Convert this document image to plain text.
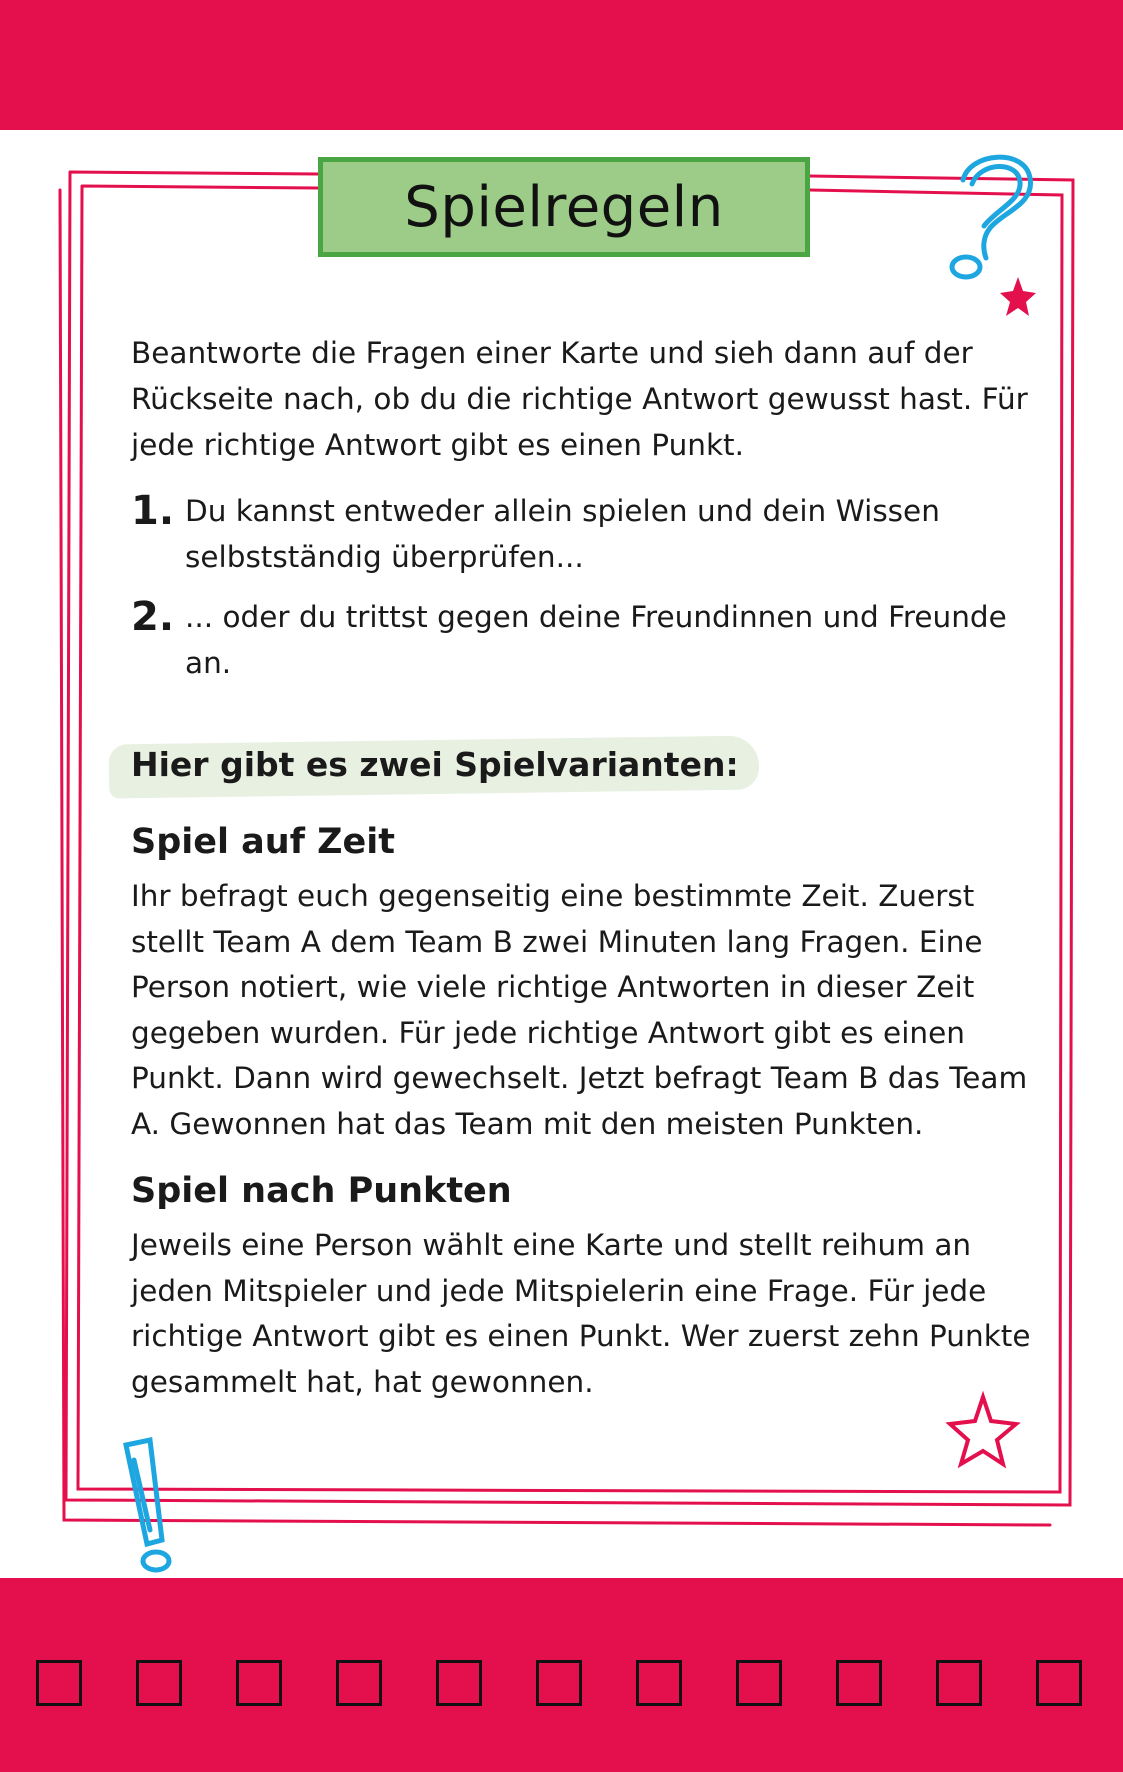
Spielregeln

Beantworte die Fragen einer Karte und sieh dann auf der Rückseite nach, ob du die richtige Antwort gewusst hast. Für jede richtige Antwort gibt es einen Punkt.

1. Du kannst entweder allein spielen und dein Wissen selbstständig überprüfen...
2. ... oder du trittst gegen deine Freundinnen und Freunde an.

Hier gibt es zwei Spielvarianten:

Spiel auf Zeit

Ihr befragt euch gegenseitig eine bestimmte Zeit. Zuerst stellt Team A dem Team B zwei Minuten lang Fragen. Eine Person notiert, wie viele richtige Antworten in dieser Zeit gegeben wurden. Für jede richtige Antwort gibt es einen Punkt. Dann wird gewechselt. Jetzt befragt Team B das Team A. Gewonnen hat das Team mit den meisten Punkten.

Spiel nach Punkten

Jeweils eine Person wählt eine Karte und stellt reihum an jeden Mitspieler und jede Mitspielerin eine Frage. Für jede richtige Antwort gibt es einen Punkt. Wer zuerst zehn Punkte gesammelt hat, hat gewonnen.
